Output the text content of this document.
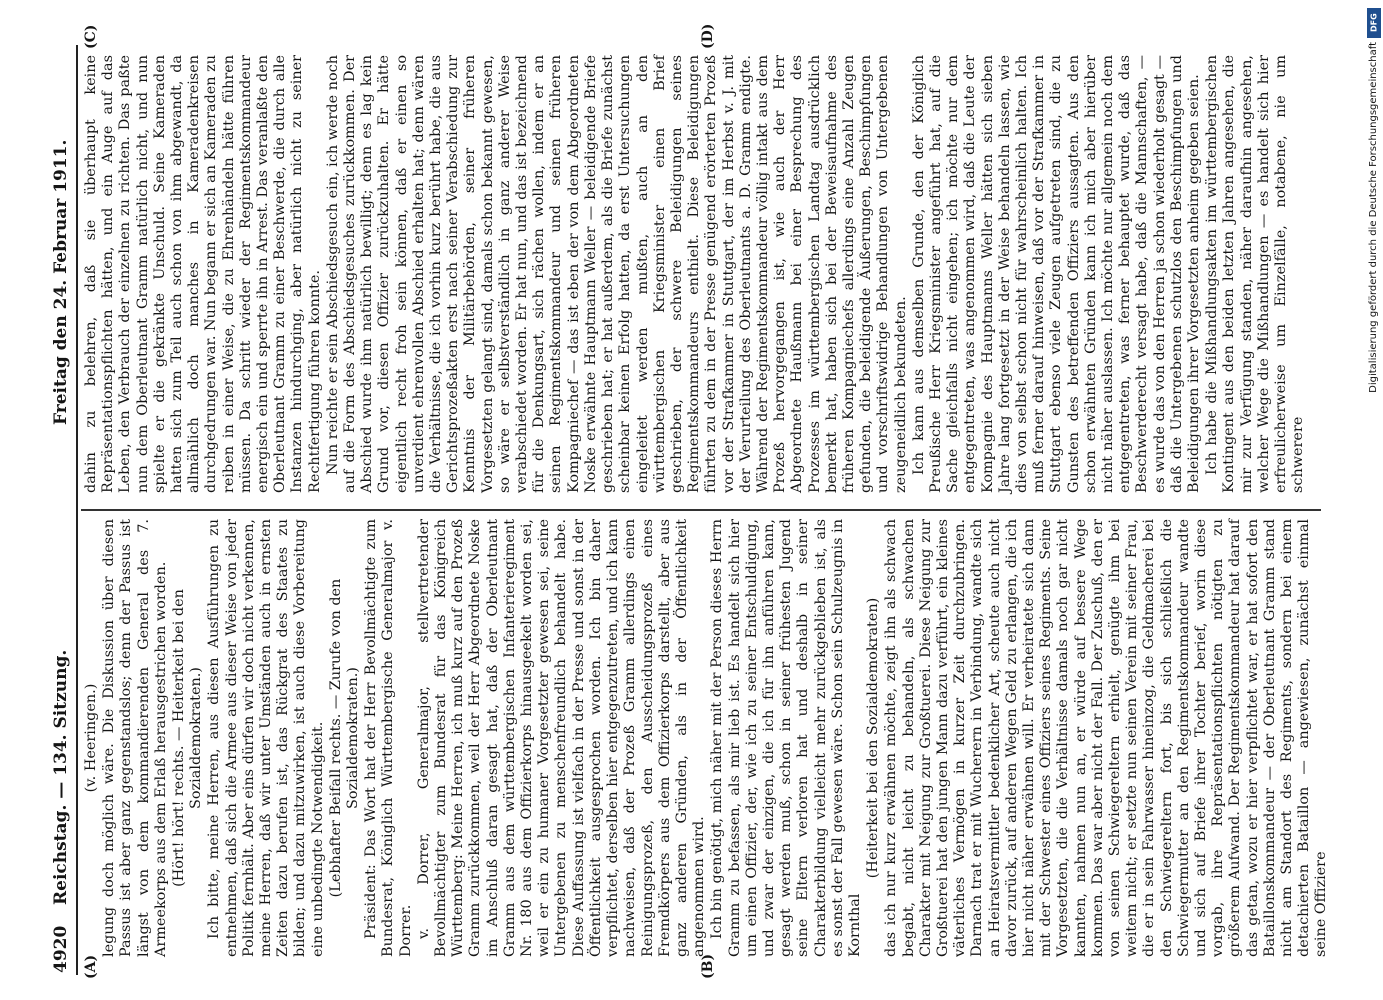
4920
Reichstag. — 134. Sitzung.
Freitag den 24. Februar 1911.
(A)	(B)
(C)	(D)

(v. Heeringen.) legung doch möglich wäre. Die Diskussion über diesen Passus ist aber ganz gegenstandslos; denn der Passus ist längst von dem kommandierenden General des 7. Armeekorps aus dem Erlaß herausgestrichen worden. (Hört! hört! rechts. — Heiterkeit bei den Sozialdemokraten.) Ich bitte, meine Herren, aus diesen Ausführungen zu entnehmen, daß sich die Armee aus dieser Weise von jeder Politik fernhält. Aber eins dürfen wir doch nicht verkennen, meine Herren, daß wir unter Umständen auch in ernsten Zeiten dazu berufen ist, das Rückgrat des Staates zu bilden; und dazu mitzuwirken, ist auch diese Vorbereitung eine unbedingte Notwendigkeit. (Lebhafter Beifall rechts. — Zurufe von den Sozialdemokraten.) Präsident: Das Wort hat der Herr Bevollmächtigte zum Bundesrat, Königlich Württembergische Generalmajor v. Dorrer. v. Dorrer, Generalmajor, stellvertretender Bevollmächtigter zum Bundesrat für das Königreich Württemberg: Meine Herren, ich muß kurz auf den Prozeß Gramm zurückkommen, weil der Herr Abgeordnete Noske im Anschluß daran gesagt hat, daß der Oberleutnant Gramm aus dem württembergischen Infanterieregiment Nr. 180 aus dem Offizierkorps hinausgeekelt worden sei, weil er ein zu humaner Vorgesetzter gewesen sei, seine Untergebenen zu menschenfreundlich behandelt habe. Diese Auffassung ist vielfach in der Presse und sonst in der Öffentlichkeit ausgesprochen worden. Ich bin daher verpflichtet, derselben hier entgegenzutreten, und ich kann nachweisen, daß der Prozeß Gramm allerdings einen Reinigungsprozeß, den Ausscheidungsprozeß eines Fremdkörpers aus dem Offizierkorps darstellt, aber aus ganz anderen Gründen, als in der Öffentlichkeit angenommen wird. Ich bin genötigt, mich näher mit der Person dieses Herrn Gramm zu befassen, als mir lieb ist. Es handelt sich hier um einen Offizier, der, wie ich zu seiner Entschuldigung, und zwar der einzigen, die ich für ihn anführen kann, gesagt werden muß, schon in seiner frühesten Jugend seine Eltern verloren hat und deshalb in seiner Charakterbildung vielleicht mehr zurückgeblieben ist, als es sonst der Fall gewesen wäre. Schon sein Schulzeugnis in Kornthal

(Heiterkeit bei den Sozialdemokraten) das ich nur kurz erwähnen möchte, zeigt ihn als schwach begabt, nicht leicht zu behandeln, als schwachen Charakter mit Neigung zur Großtuerei. Diese Neigung zur Großtuerei hat den jungen Mann dazu verführt, ein kleines väterliches Vermögen in kurzer Zeit durchzubringen. Darnach trat er mit Wucherern in Verbindung, wandte sich an Heiratsvermittler bedenklicher Art, scheute auch nicht davor zurück, auf anderen Wegen Geld zu erlangen, die ich hier nicht näher erwähnen will. Er verheiratete sich dann mit der Schwester eines Offiziers seines Regiments. Seine Vorgesetzten, die die Verhältnisse damals noch gar nicht kannten, nahmen nun an, er würde auf bessere Wege kommen. Das war aber nicht der Fall. Der Zuschuß, den er von seinen Schwiegereltern erhielt, genügte ihm bei weitem nicht; er setzte nun seinen Verein mit seiner Frau, die er in sein Fahrwasser hineinzog, die Geldmacherei bei den Schwiegereltern fort, bis sich schließlich die Schwiegermutter an den Regimentskommandeur wandte und sich auf Briefe ihrer Tochter berief, worin diese vorgab, ihre Repräsentationspflichten nötigten zu größerem Aufwand. Der Regimentskommandeur hat darauf das getan, wozu er hier verpflichtet war, er hat sofort den Bataillonskommandeur — der Oberleutnant Gramm stand nicht am Standort des Regiments, sondern bei einem detachierten Bataillon — angewiesen, zunächst einmal seine Offiziere

dahin zu belehren, daß sie überhaupt keine Repräsentationspflichten hätten, und ein Auge auf das Leben, den Verbrauch der einzelnen zu richten. Das paßte nun dem Oberleutnant Gramm natürlich nicht, und nun spielte er die gekränkte Unschuld. Seine Kameraden hatten sich zum Teil auch schon von ihm abgewandt, da allmählich doch manches in Kameradenkreisen durchgedrungen war. Nun begann er sich an Kameraden zu reiben in einer Weise, die zu Ehrenhändeln hätte führen müssen. Da schritt wieder der Regimentskommandeur energisch ein und sperrte ihn in Arrest. Das veranlaßte den Oberleutnant Gramm zu einer Beschwerde, die durch alle Instanzen hindurchging, aber natürlich nicht zu seiner Rechtfertigung führen konnte. Nun reichte er sein Abschiedsgesuch ein, ich werde noch auf die Form des Abschiedsgesuches zurückkommen. Der Abschied wurde ihm natürlich bewilligt; denn es lag kein Grund vor, diesen Offizier zurückzuhalten. Er hätte eigentlich recht froh sein können, daß er einen so unverdient ehrenvollen Abschied erhalten hat; denn wären die Verhältnisse, die ich vorhin kurz berührt habe, die aus Gerichtsprozeßakten erst nach seiner Verabschiedung zur Kenntnis der Militärbehörden, seiner früheren Vorgesetzten gelangt sind, damals schon bekannt gewesen, so wäre er selbstverständlich in ganz anderer Weise verabschiedet worden. Er hat nun, und das ist bezeichnend für die Denkungsart, sich rächen wollen, indem er an seinen Regimentskommandeur und seinen früheren Kompagniechef — das ist eben der von dem Abgeordneten Noske erwähnte Hauptmann Weller — beleidigende Briefe geschrieben hat; er hat außerdem, als die Briefe zunächst scheinbar keinen Erfolg hatten, da erst Untersuchungen eingeleitet werden mußten, auch an den württembergischen Kriegsminister einen Brief geschrieben, der schwere Beleidigungen seines Regimentskommandeurs enthielt. Diese Beleidigungen führten zu dem in der Presse genügend erörterten Prozeß vor der Strafkammer in Stuttgart, der im Herbst v. J. mit der Verurteilung des Oberleutnants a. D. Gramm endigte. Während der Regimentskommandeur völlig intakt aus dem Prozeß hervorgegangen ist, wie auch der Herr Abgeordnete Haußmann bei einer Besprechung des Prozesses im württembergischen Landtag ausdrücklich bemerkt hat, haben sich bei der Beweisaufnahme des früheren Kompagniechefs allerdings eine Anzahl Zeugen gefunden, die beleidigende Äußerungen, Beschimpfungen und vorschriftswidrige Behandlungen von Untergebenen zeugeneidlich bekundeten. Ich kann aus demselben Grunde, den der Königlich Preußische Herr Kriegsminister angeführt hat, auf die Sache gleichfalls nicht eingehen; ich möchte nur dem entgegentreten, was angenommen wird, daß die Leute der Kompagnie des Hauptmanns Weller hätten sich sieben Jahre lang fortgesetzt in der Weise behandeln lassen, wie dies von selbst schon nicht für wahrscheinlich halten. Ich muß ferner darauf hinweisen, daß vor der Strafkammer in Stuttgart ebenso viele Zeugen aufgetreten sind, die zu Gunsten des betreffenden Offiziers aussagten. Aus den schon erwähnten Gründen kann ich mich aber hierüber nicht näher auslassen. Ich möchte nur allgemein noch dem entgegentreten, was ferner behauptet wurde, daß das Beschwerderecht versagt habe, daß die Mannschaften, — es wurde das von den Herren ja schon wiederholt gesagt — daß die Untergebenen schutzlos den Beschimpfungen und Beleidigungen ihrer Vorgesetzten anheim gegeben seien. Ich habe die Mißhandlungsakten im württembergischen Kontingent aus den beiden letzten Jahren angesehen, die mir zur Verfügung standen, näher daraufhin angesehen, welcher Wege die Mißhandlungen — es handelt sich hier erfreulicherweise um Einzelfälle, notabene, nie um schwerere

DFG
Digitalisierung gefördert durch die Deutsche Forschungsgemeinschaft
